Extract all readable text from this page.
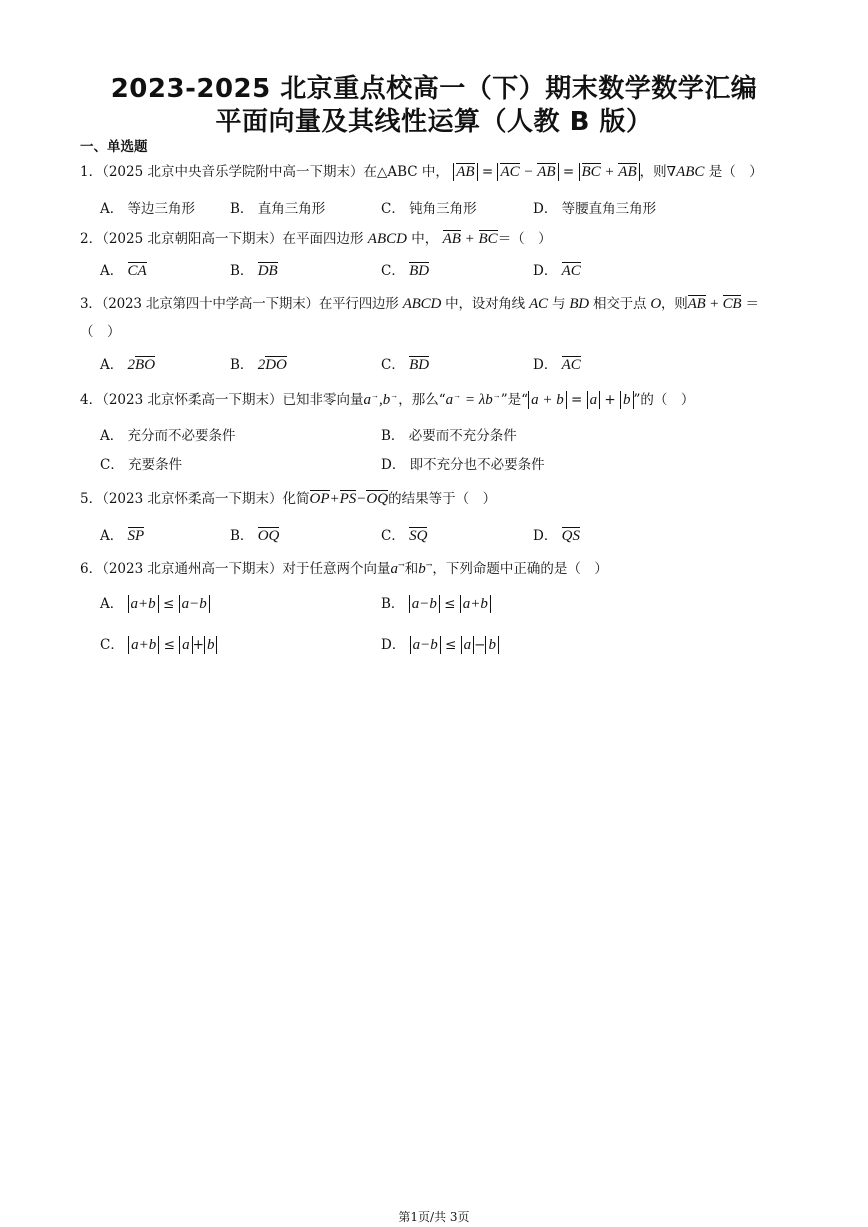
2023-2025 北京重点校高一（下）期末数学数学汇编
平面向量及其线性运算（人教 B 版）
一、单选题
1．（2025 北京中央音乐学院附中高一下期末）在△ABC 中， AB = AC − AB = BC + AB ，则∇ABC 是（　）
A． 等边三角形	B． 直角三角形	C． 钝角三角形	D． 等腰直角三角形
2．（2025 北京朝阳高一下期末）在平面四边形 ABCD 中， AB + BC＝（　）
A． CA	B． DB	C． BD	D． AC
3．（2023 北京第四十中学高一下期末）在平行四边形 ABCD 中，设对角线 AC 与 BD 相交于点 O，则AB + CB ＝
（　）
A． 2BO	B． 2DO	C． BD	D． AC
4．（2023 北京怀柔高一下期末）已知非零向量a→,b→，那么“a→ = λb→”是“ a + b = a + b ”的（　）
A． 充分而不必要条件	B． 必要而不充分条件
C． 充要条件	D． 即不充分也不必要条件
5．（2023 北京怀柔高一下期末）化简OP+PS−OQ的结果等于（　）
A． SP	B． OQ	C． SQ	D． QS
6．（2023 北京通州高一下期末）对于任意两个向量a→和b→，下列命题中正确的是（　）
A． a+b ≤ a−b	B． a−b ≤ a+b
C． a+b ≤ a + b	D． a−b ≤ a − b
第1页/共 3页
